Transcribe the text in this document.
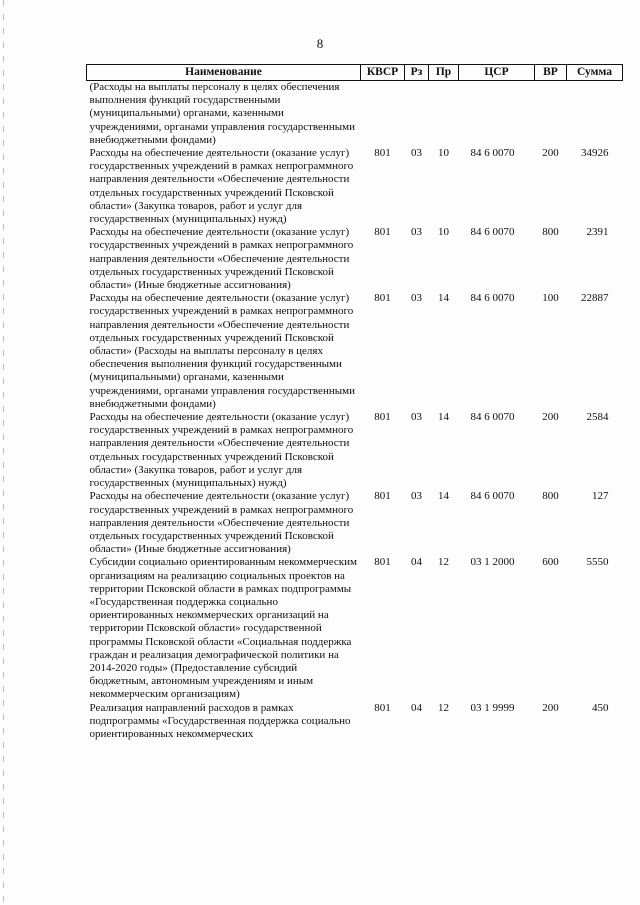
8
Наименование	КВСР	Рз	Пр	ЦСР	ВР	Сумма
(Расходы на выплаты персоналу в целях обеспечения выполнения функций государственными (муниципальными) органами, казенными учреждениями, органами управления государственными внебюджетными фондами)						
Расходы на обеспечение деятельности (оказание услуг) государственных учреждений в рамках непрограммного направления деятельности «Обеспечение деятельности отдельных государственных учреждений Псковской области» (Закупка товаров, работ и услуг для государственных (муниципальных) нужд)	801	03	10	84 6 0070	200	34926
Расходы на обеспечение деятельности (оказание услуг) государственных учреждений в рамках непрограммного направления деятельности «Обеспечение деятельности отдельных государственных учреждений Псковской области» (Иные бюджетные ассигнования)	801	03	10	84 6 0070	800	2391
Расходы на обеспечение деятельности (оказание услуг) государственных учреждений в рамках непрограммного направления деятельности «Обеспечение деятельности отдельных государственных учреждений Псковской области» (Расходы на выплаты персоналу в целях обеспечения выполнения функций государственными (муниципальными) органами, казенными учреждениями, органами управления государственными внебюджетными фондами)	801	03	14	84 6 0070	100	22887
Расходы на обеспечение деятельности (оказание услуг) государственных учреждений в рамках непрограммного направления деятельности «Обеспечение деятельности отдельных государственных учреждений Псковской области» (Закупка товаров, работ и услуг для государственных (муниципальных) нужд)	801	03	14	84 6 0070	200	2584
Расходы на обеспечение деятельности (оказание услуг) государственных учреждений в рамках непрограммного направления деятельности «Обеспечение деятельности отдельных государственных учреждений Псковской области» (Иные бюджетные ассигнования)	801	03	14	84 6 0070	800	127
Субсидии социально ориентированным некоммерческим организациям на реализацию социальных проектов на территории Псковской области в рамках подпрограммы «Государственная поддержка социально ориентированных некоммерческих организаций на территории Псковской области» государственной программы Псковской области «Социальная поддержка граждан и реализация демографической политики на 2014-2020 годы» (Предоставление субсидий бюджетным, автономным учреждениям и иным некоммерческим организациям)	801	04	12	03 1 2000	600	5550
Реализация направлений расходов в рамках подпрограммы «Государственная поддержка социально ориентированных некоммерческих	801	04	12	03 1 9999	200	450
